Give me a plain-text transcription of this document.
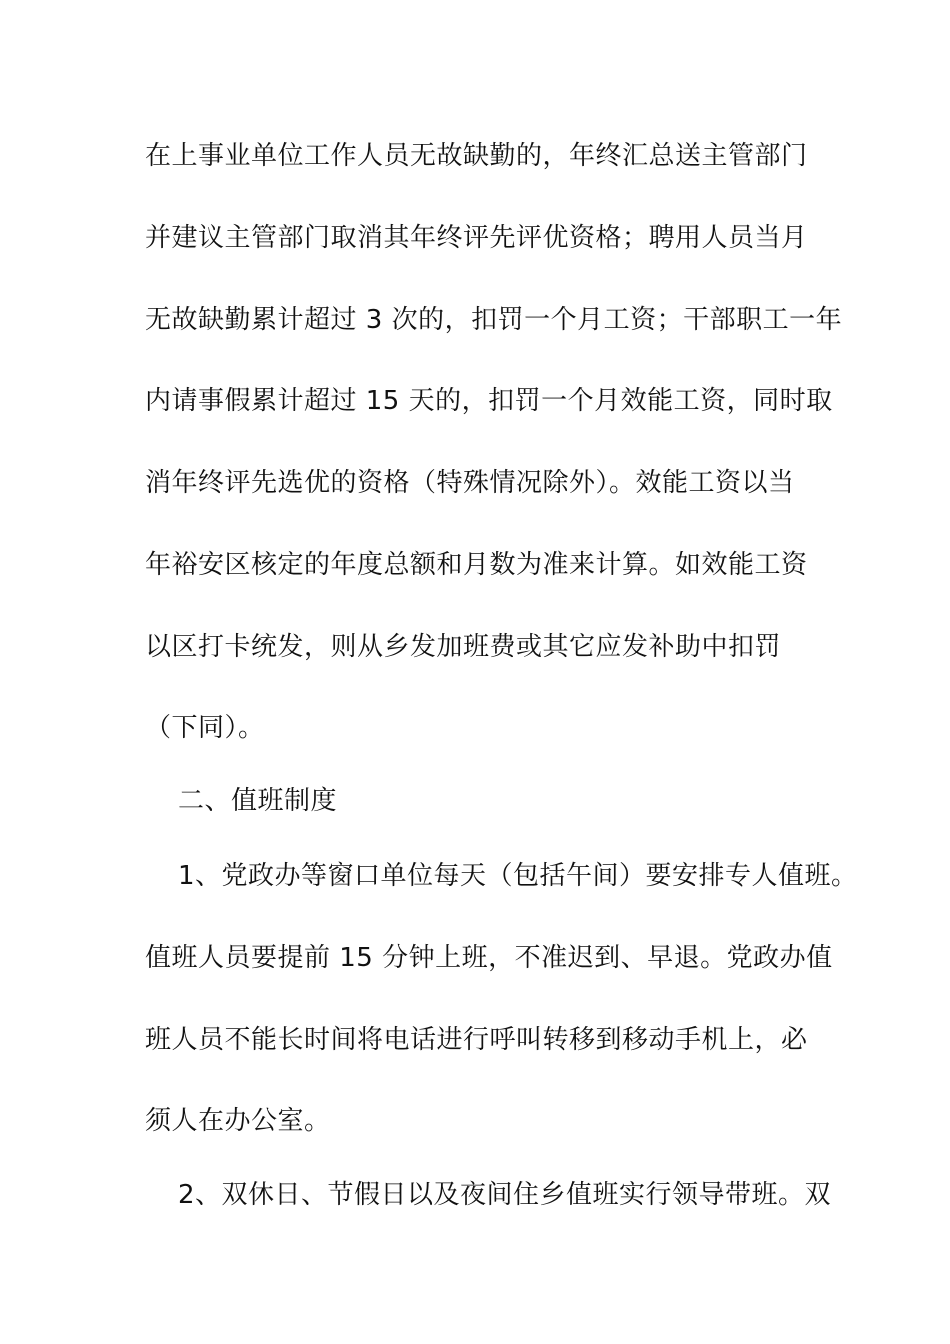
在上事业单位工作人员无故缺勤的，年终汇总送主管部门
并建议主管部门取消其年终评先评优资格；聘用人员当月
无故缺勤累计超过 3 次的，扣罚一个月工资；干部职工一年
内请事假累计超过 15 天的，扣罚一个月效能工资，同时取
消年终评先选优的资格（特殊情况除外）。效能工资以当
年裕安区核定的年度总额和月数为准来计算。如效能工资
以区打卡统发，则从乡发加班费或其它应发补助中扣罚
（下同）。
二、值班制度
1、党政办等窗口单位每天（包括午间）要安排专人值班。
值班人员要提前 15 分钟上班，不准迟到、早退。党政办值
班人员不能长时间将电话进行呼叫转移到移动手机上，必
须人在办公室。
2、双休日、节假日以及夜间住乡值班实行领导带班。双
